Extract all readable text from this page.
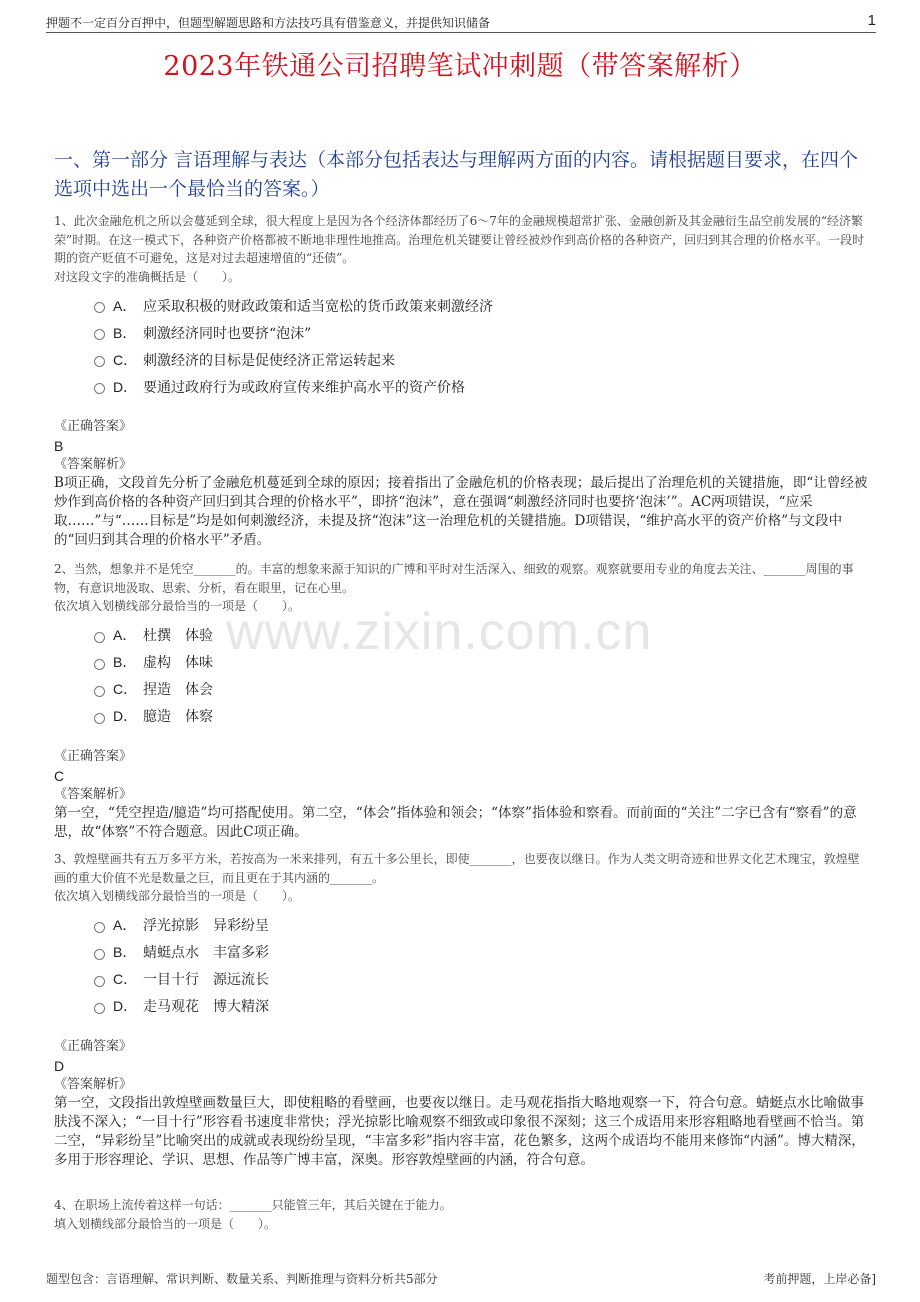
押题不一定百分百押中，但题型解题思路和方法技巧具有借鉴意义，并提供知识储备	1
2023年铁通公司招聘笔试冲刺题（带答案解析）
一、第一部分 言语理解与表达（本部分包括表达与理解两方面的内容。请根据题目要求，在四个选项中选出一个最恰当的答案。）
www.zixin.com.cn
1、此次金融危机之所以会蔓延到全球，很大程度上是因为各个经济体都经历了6～7年的金融规模超常扩张、金融创新及其金融衍生品空前发展的“经济繁荣”时期。在这一模式下，各种资产价格都被不断地非理性地推高。治理危机关键要让曾经被炒作到高价格的各种资产，回归到其合理的价格水平。一段时期的资产贬值不可避免，这是对过去超速增值的“还债”。
对这段文字的准确概括是（　　）。
A． 应采取积极的财政政策和适当宽松的货币政策来刺激经济
B． 刺激经济同时也要挤“泡沫”
C． 刺激经济的目标是促使经济正常运转起来
D． 要通过政府行为或政府宣传来维护高水平的资产价格
《正确答案》
B
《答案解析》
B项正确，文段首先分析了金融危机蔓延到全球的原因；接着指出了金融危机的价格表现；最后提出了治理危机的关键措施，即“让曾经被炒作到高价格的各种资产回归到其合理的价格水平”，即挤“泡沫”，意在强调“刺激经济同时也要挤‘泡沫’”。AC两项错误，“应采取……”与“……目标是”均是如何刺激经济，未提及挤“泡沫”这一治理危机的关键措施。D项错误，“维护高水平的资产价格”与文段中的“回归到其合理的价格水平”矛盾。
2、当然，想象并不是凭空_______的。丰富的想象来源于知识的广博和平时对生活深入、细致的观察。观察就要用专业的角度去关注、_______周围的事物，有意识地汲取、思索、分析，看在眼里，记在心里。
依次填入划横线部分最恰当的一项是（　　）。
A． 杜撰　体验
B． 虚构　体味
C． 捏造　体会
D． 臆造　体察
《正确答案》
C
《答案解析》
第一空，“凭空捏造/臆造”均可搭配使用。第二空，“体会”指体验和领会；“体察”指体验和察看。而前面的“关注”二字已含有“察看”的意思，故“体察”不符合题意。因此C项正确。
3、敦煌壁画共有五万多平方米，若按高为一米来排列，有五十多公里长，即使_______，也要夜以继日。作为人类文明奇迹和世界文化艺术瑰宝，敦煌壁画的重大价值不光是数量之巨，而且更在于其内涵的_______。
依次填入划横线部分最恰当的一项是（　　）。
A． 浮光掠影　异彩纷呈
B． 蜻蜓点水　丰富多彩
C． 一目十行　源远流长
D． 走马观花　博大精深
《正确答案》
D
《答案解析》
第一空，文段指出敦煌壁画数量巨大，即使粗略的看壁画，也要夜以继日。走马观花指指大略地观察一下，符合句意。蜻蜓点水比喻做事肤浅不深入；“一目十行”形容看书速度非常快；浮光掠影比喻观察不细致或印象很不深刻；这三个成语用来形容粗略地看壁画不恰当。第二空，“异彩纷呈”比喻突出的成就或表现纷纷呈现，“丰富多彩”指内容丰富，花色繁多，这两个成语均不能用来修饰“内涵”。博大精深，多用于形容理论、学识、思想、作品等广博丰富，深奥。形容敦煌壁画的内涵，符合句意。
4、在职场上流传着这样一句话：_______只能管三年，其后关键在于能力。
填入划横线部分最恰当的一项是（　　）。
题型包含：言语理解、常识判断、数量关系、判断推理与资料分析共5部分	考前押题，上岸必备]
